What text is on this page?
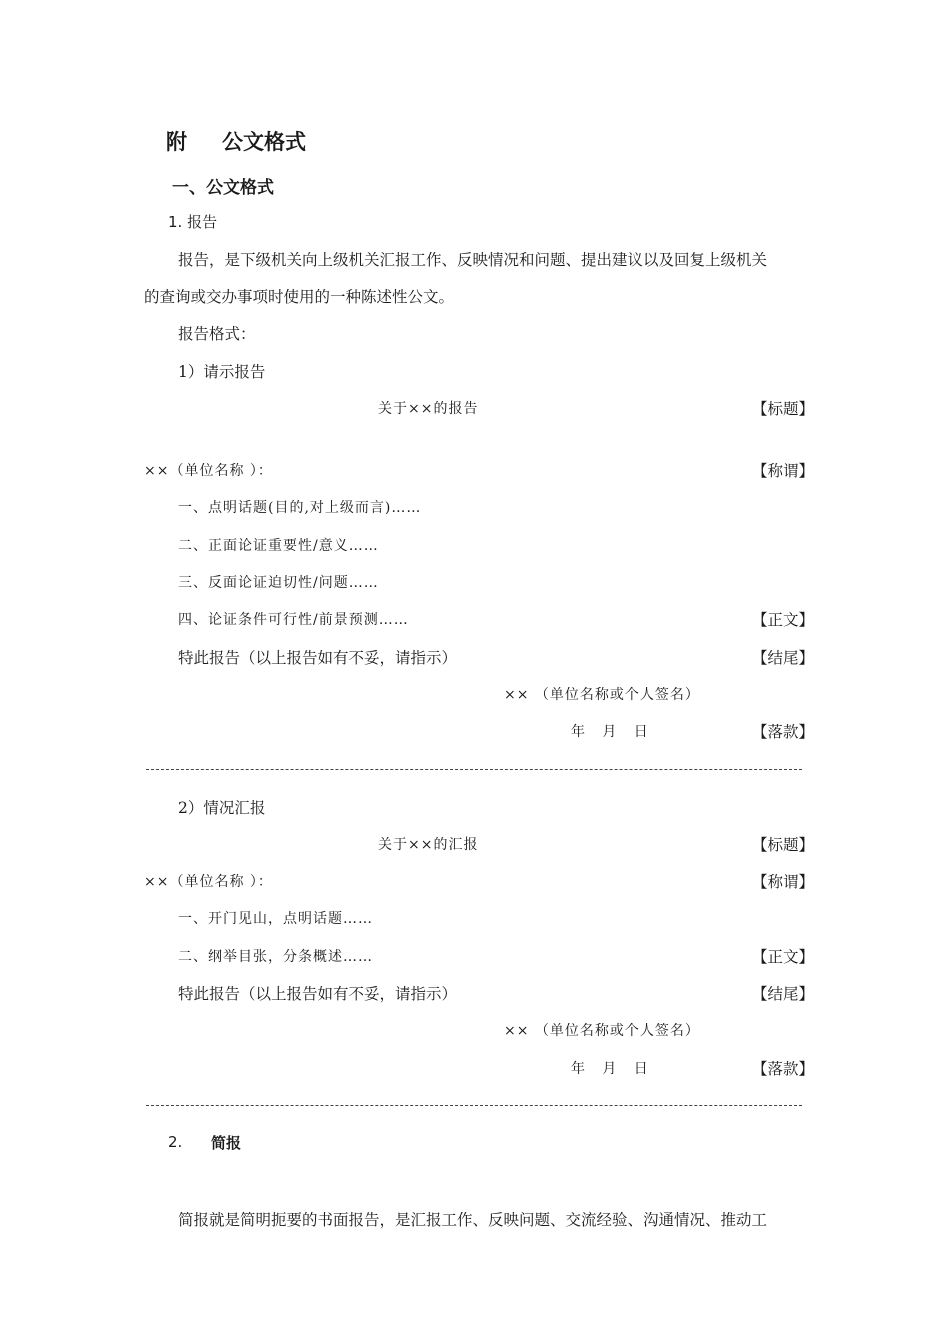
附 公文格式
一、公文格式
1. 报告
报告，是下级机关向上级机关汇报工作、反映情况和问题、提出建议以及回复上级机关
的查询或交办事项时使用的一种陈述性公文。
报告格式：
1）请示报告
关于××的报告	【标题】
××（单位名称 ）：	【称谓】
一、点明话题(目的,对上级而言)……
二、正面论证重要性/意义……
三、反面论证迫切性/问题……
四、论证条件可行性/前景预测……	【正文】
特此报告（以上报告如有不妥，请指示）	【结尾】
×× （单位名称或个人签名）
年   月   日	【落款】
2）情况汇报
关于××的汇报	【标题】
××（单位名称 ）：	【称谓】
一、开门见山，点明话题……
二、纲举目张，分条概述……	【正文】
特此报告（以上报告如有不妥，请指示）	【结尾】
×× （单位名称或个人签名）
年   月   日	【落款】
2. 简报
简报就是简明扼要的书面报告，是汇报工作、反映问题、交流经验、沟通情况、推动工
